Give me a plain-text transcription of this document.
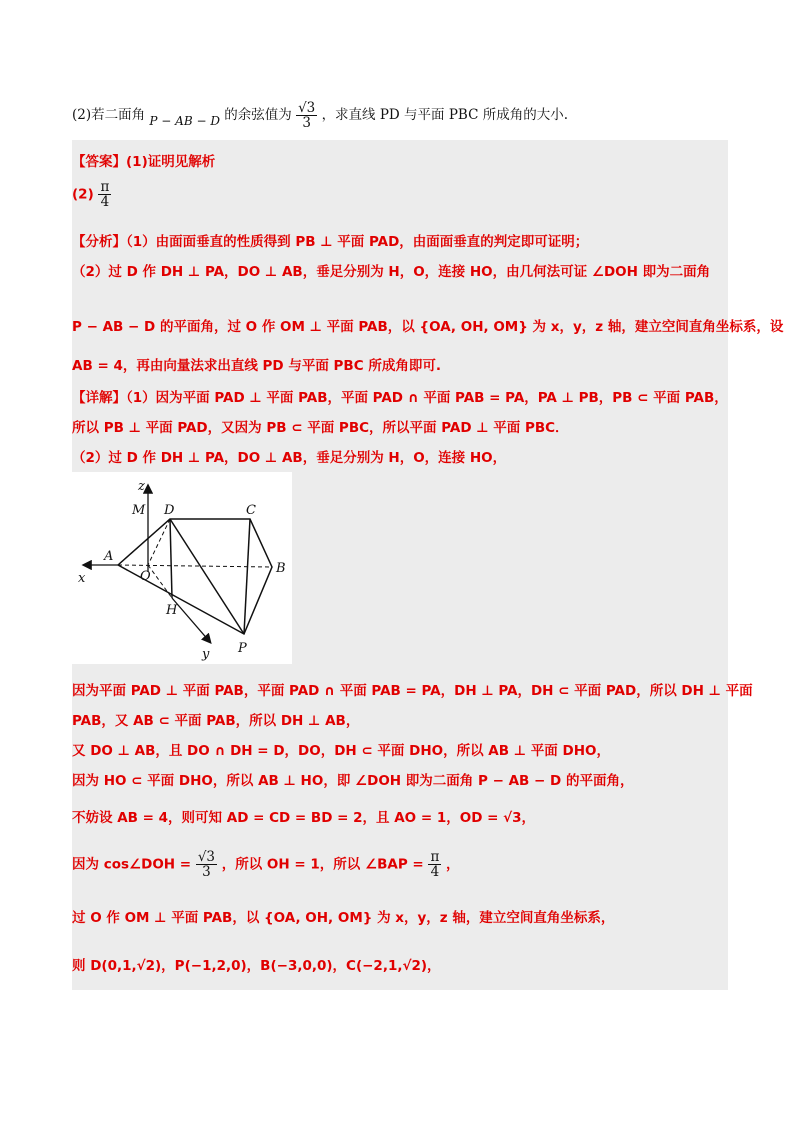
(2)若二面角 P − AB − D 的余弦值为 $\frac{√3}{3}$ ，求直线 PD 与平面 PBC 所成角的大小.
【答案】(1)证明见解析
$(2) \frac{\pi}{4}$
【分析】（1）由面面垂直的性质得到 PB ⊥ 平面 PAD，由面面垂直的判定即可证明；
（2）过 D 作 DH ⊥ PA，DO ⊥ AB，垂足分别为 H，O，连接 HO，由几何法可证 ∠DOH 即为二面角
P − AB − D 的平面角，过 O 作 OM ⊥ 平面 PAB，以 {OA, OH, OM} 为 x，y，z 轴，建立空间直角坐标系，设
AB = 4，再由向量法求出直线 PD 与平面 PBC 所成角即可.
【详解】（1）因为平面 PAD ⊥ 平面 PAB，平面 PAD ∩ 平面 PAB = PA，PA ⊥ PB，PB ⊂ 平面 PAB，
所以 PB ⊥ 平面 PAD，又因为 PB ⊂ 平面 PBC，所以平面 PAD ⊥ 平面 PBC．
（2）过 D 作 DH ⊥ PA，DO ⊥ AB，垂足分别为 H，O，连接 HO，
z
M D	C
A
x	O
B
H
y P
因为平面 PAD ⊥ 平面 PAB，平面 PAD ∩ 平面 PAB = PA，DH ⊥ PA，DH ⊂ 平面 PAD，所以 DH ⊥ 平面
PAB，又 AB ⊂ 平面 PAB，所以 DH ⊥ AB，
又 DO ⊥ AB，且 DO ∩ DH = D，DO，DH ⊂ 平面 DHO，所以 AB ⊥ 平面 DHO，
因为 HO ⊂ 平面 DHO，所以 AB ⊥ HO，即 ∠DOH 即为二面角 P − AB − D 的平面角，
不妨设 AB = 4，则可知 AD = CD = BD = 2，且 AO = 1，OD = √3，
因为 cos∠DOH = $\frac{√3}{3}$ ，所以 OH = 1，所以 ∠BAP = $\frac{\pi}{4}$ ，
过 O 作 OM ⊥ 平面 PAB，以 {OA, OH, OM} 为 x，y，z 轴，建立空间直角坐标系，
则 D(0,1,√2)，P(−1,2,0)，B(−3,0,0)，C(−2,1,√2)，
